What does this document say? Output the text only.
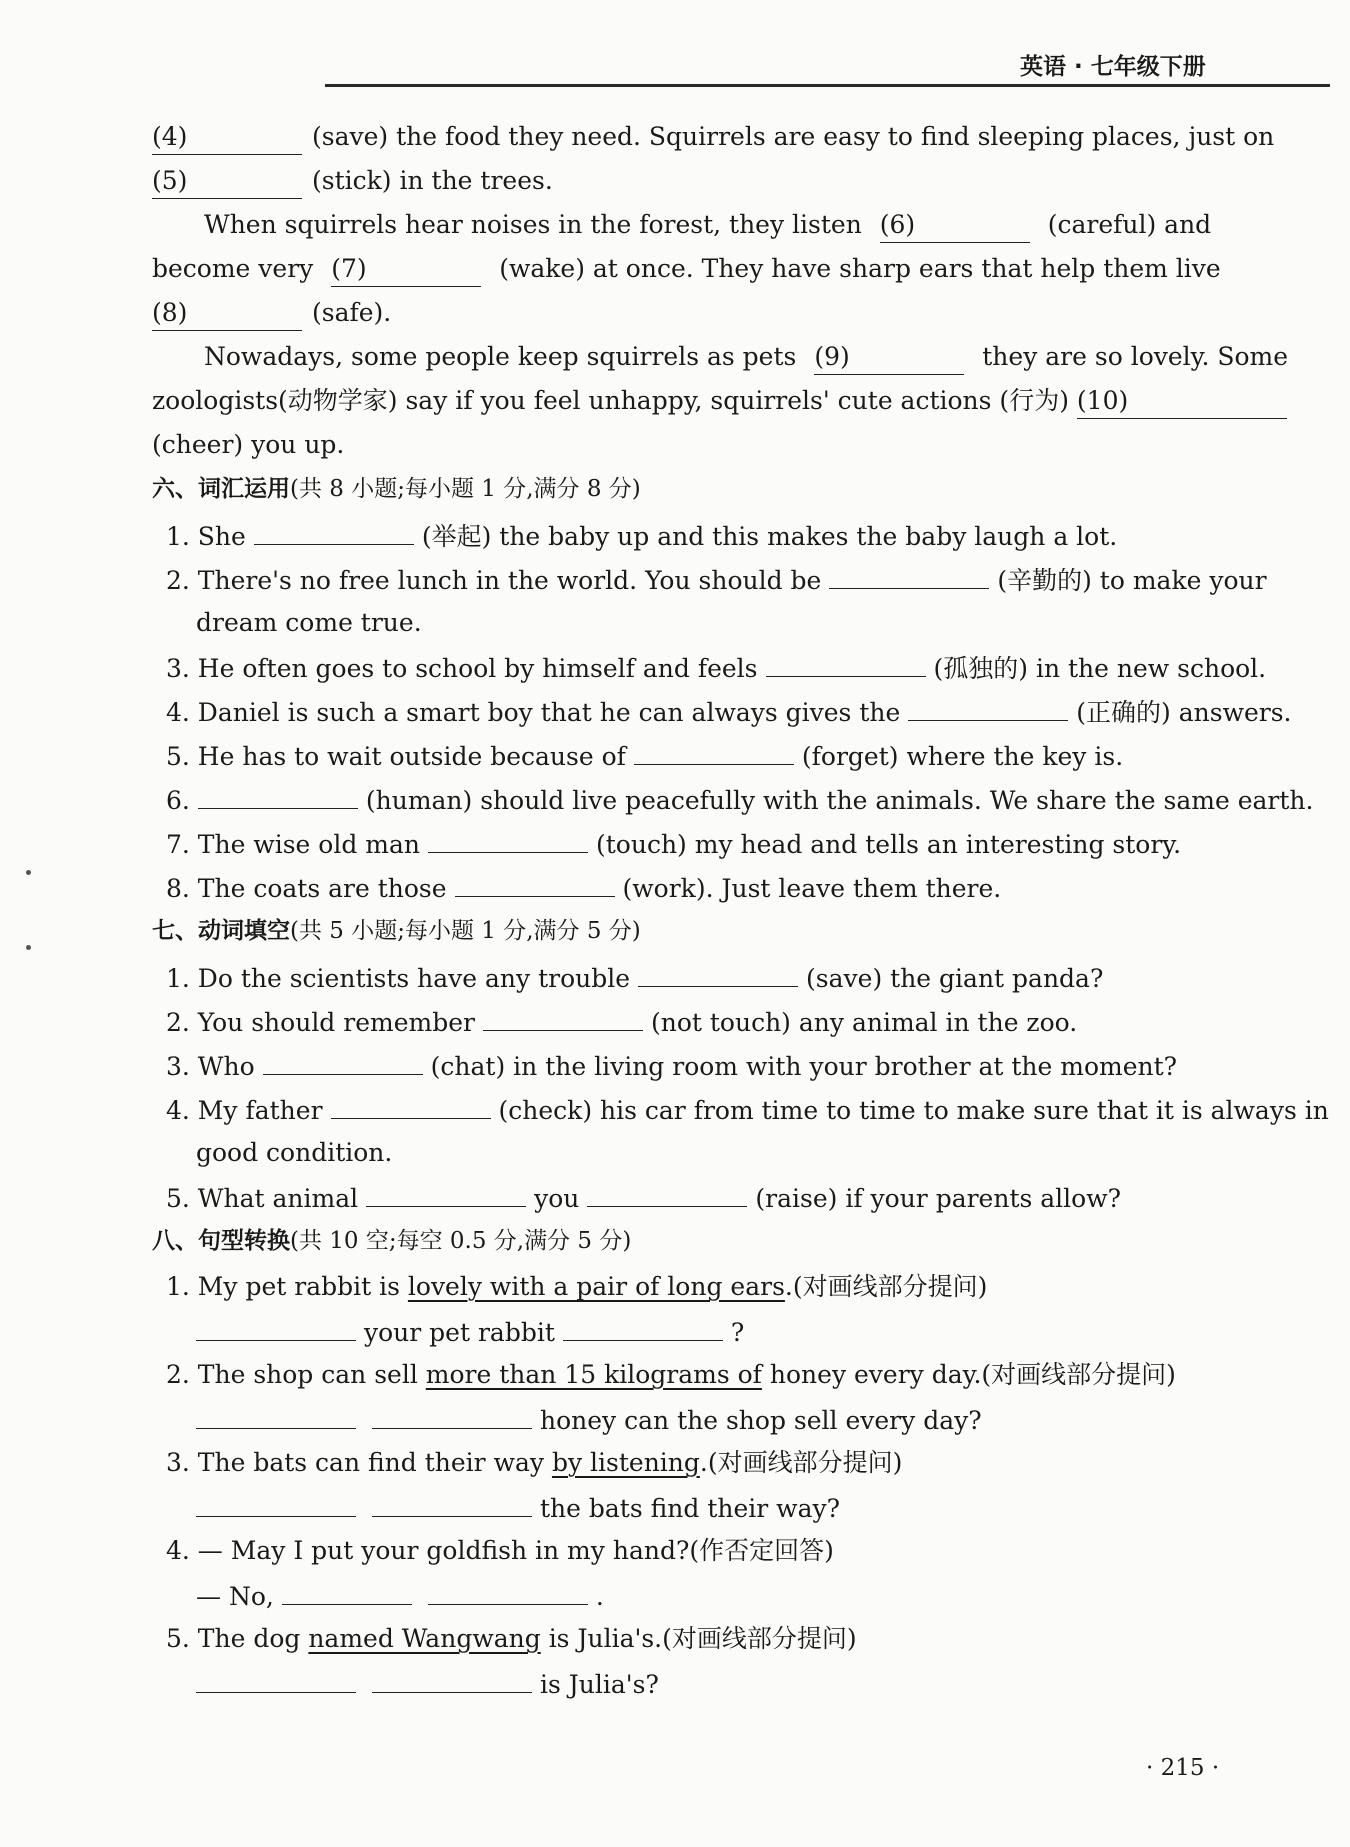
英语 · 七年级下册
(4)	(save) the food they need. Squirrels are easy to find sleeping places, just on
(5)	(stick) in the trees.
When squirrels hear noises in the forest, they listen (6)	(careful) and
become very (7)	(wake) at once. They have sharp ears that help them live
(8)	(safe).
Nowadays, some people keep squirrels as pets (9)	they are so lovely. Some
zoologists(动物学家) say if you feel unhappy, squirrels' cute actions (行为) (10)
(cheer) you up.
六、词汇运用(共 8 小题;每小题 1 分,满分 8 分)
1. She	(举起) the baby up and this makes the baby laugh a lot.
2. There's no free lunch in the world. You should be	(辛勤的) to make your
dream come true.
3. He often goes to school by himself and feels	(孤独的) in the new school.
4. Daniel is such a smart boy that he can always gives the	(正确的) answers.
5. He has to wait outside because of	(forget) where the key is.
6.	(human) should live peacefully with the animals. We share the same earth.
7. The wise old man	(touch) my head and tells an interesting story.
8. The coats are those	(work). Just leave them there.
七、动词填空(共 5 小题;每小题 1 分,满分 5 分)
1. Do the scientists have any trouble	(save) the giant panda?
2. You should remember	(not touch) any animal in the zoo.
3. Who	(chat) in the living room with your brother at the moment?
4. My father	(check) his car from time to time to make sure that it is always in
good condition.
5. What animal	you	(raise) if your parents allow?
八、句型转换(共 10 空;每空 0.5 分,满分 5 分)
1. My pet rabbit is lovely with a pair of long ears.(对画线部分提问)
your pet rabbit	?
2. The shop can sell more than 15 kilograms of honey every day.(对画线部分提问)
honey can the shop sell every day?
3. The bats can find their way by listening.(对画线部分提问)
the bats find their way?
4. — May I put your goldfish in my hand?(作否定回答)
— No,	.
5. The dog named Wangwang is Julia's.(对画线部分提问)
is Julia's?
· 215 ·
